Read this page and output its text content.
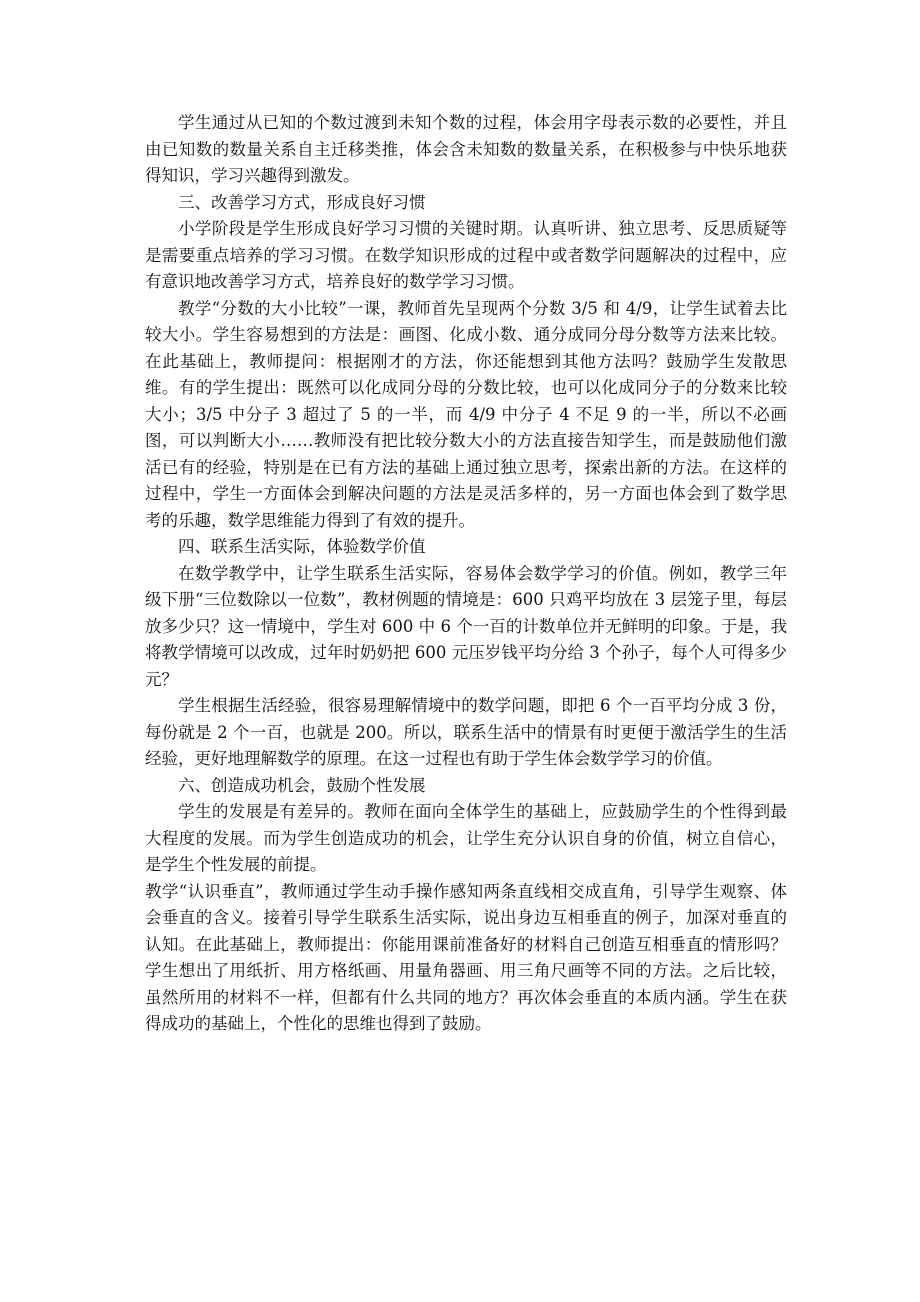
学生通过从已知的个数过渡到未知个数的过程，体会用字母表示数的必要性，并且由已知数的数量关系自主迁移类推，体会含未知数的数量关系，在积极参与中快乐地获得知识，学习兴趣得到激发。

三、改善学习方式，形成良好习惯

小学阶段是学生形成良好学习习惯的关键时期。认真听讲、独立思考、反思质疑等是需要重点培养的学习习惯。在数学知识形成的过程中或者数学问题解决的过程中，应有意识地改善学习方式，培养良好的数学学习习惯。

教学“分数的大小比较”一课，教师首先呈现两个分数 3/5 和 4/9，让学生试着去比较大小。学生容易想到的方法是：画图、化成小数、通分成同分母分数等方法来比较。在此基础上，教师提问：根据刚才的方法，你还能想到其他方法吗？鼓励学生发散思维。有的学生提出：既然可以化成同分母的分数比较，也可以化成同分子的分数来比较大小；3/5 中分子 3 超过了 5 的一半，而 4/9 中分子 4 不足 9 的一半，所以不必画图，可以判断大小……教师没有把比较分数大小的方法直接告知学生，而是鼓励他们激活已有的经验，特别是在已有方法的基础上通过独立思考，探索出新的方法。在这样的过程中，学生一方面体会到解决问题的方法是灵活多样的，另一方面也体会到了数学思考的乐趣，数学思维能力得到了有效的提升。

四、联系生活实际，体验数学价值

在数学教学中，让学生联系生活实际，容易体会数学学习的价值。例如，教学三年级下册“三位数除以一位数”，教材例题的情境是：600 只鸡平均放在 3 层笼子里，每层放多少只？这一情境中，学生对 600 中 6 个一百的计数单位并无鲜明的印象。于是，我将教学情境可以改成，过年时奶奶把 600 元压岁钱平均分给 3 个孙子，每个人可得多少元？

学生根据生活经验，很容易理解情境中的数学问题，即把 6 个一百平均分成 3 份，每份就是 2 个一百，也就是 200。所以，联系生活中的情景有时更便于激活学生的生活经验，更好地理解数学的原理。在这一过程也有助于学生体会数学学习的价值。

六、创造成功机会，鼓励个性发展

学生的发展是有差异的。教师在面向全体学生的基础上，应鼓励学生的个性得到最大程度的发展。而为学生创造成功的机会，让学生充分认识自身的价值，树立自信心，是学生个性发展的前提。

教学“认识垂直”，教师通过学生动手操作感知两条直线相交成直角，引导学生观察、体会垂直的含义。接着引导学生联系生活实际，说出身边互相垂直的例子，加深对垂直的认知。在此基础上，教师提出：你能用课前准备好的材料自己创造互相垂直的情形吗？学生想出了用纸折、用方格纸画、用量角器画、用三角尺画等不同的方法。之后比较，虽然所用的材料不一样，但都有什么共同的地方？再次体会垂直的本质内涵。学生在获得成功的基础上，个性化的思维也得到了鼓励。
